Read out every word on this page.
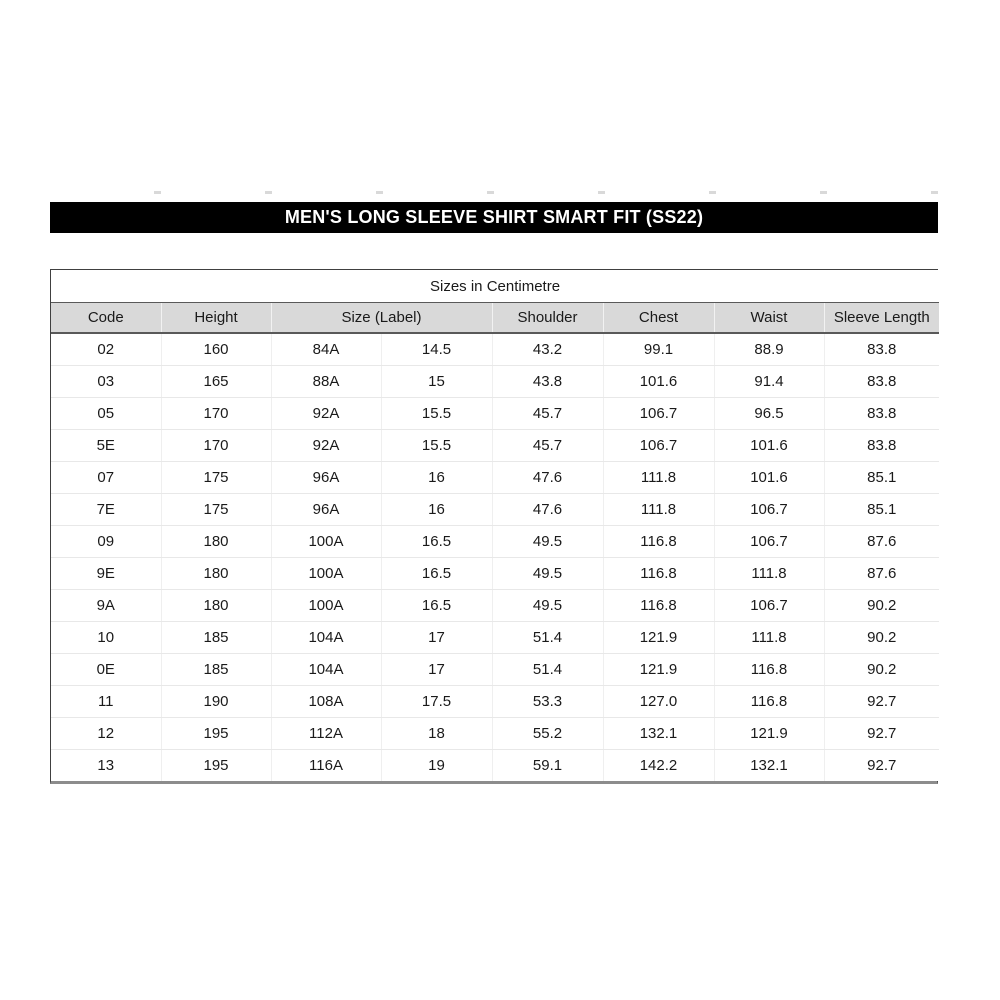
MEN'S LONG SLEEVE SHIRT SMART FIT (SS22)
Sizes in Centimetre							
Code	Height	Size (Label)		Shoulder	Chest	Waist	Sleeve Length
02	160	84A	14.5	43.2	99.1	88.9	83.8
03	165	88A	15	43.8	101.6	91.4	83.8
05	170	92A	15.5	45.7	106.7	96.5	83.8
5E	170	92A	15.5	45.7	106.7	101.6	83.8
07	175	96A	16	47.6	111.8	101.6	85.1
7E	175	96A	16	47.6	111.8	106.7	85.1
09	180	100A	16.5	49.5	116.8	106.7	87.6
9E	180	100A	16.5	49.5	116.8	111.8	87.6
9A	180	100A	16.5	49.5	116.8	106.7	90.2
10	185	104A	17	51.4	121.9	111.8	90.2
0E	185	104A	17	51.4	121.9	116.8	90.2
11	190	108A	17.5	53.3	127.0	116.8	92.7
12	195	112A	18	55.2	132.1	121.9	92.7
13	195	116A	19	59.1	142.2	132.1	92.7
